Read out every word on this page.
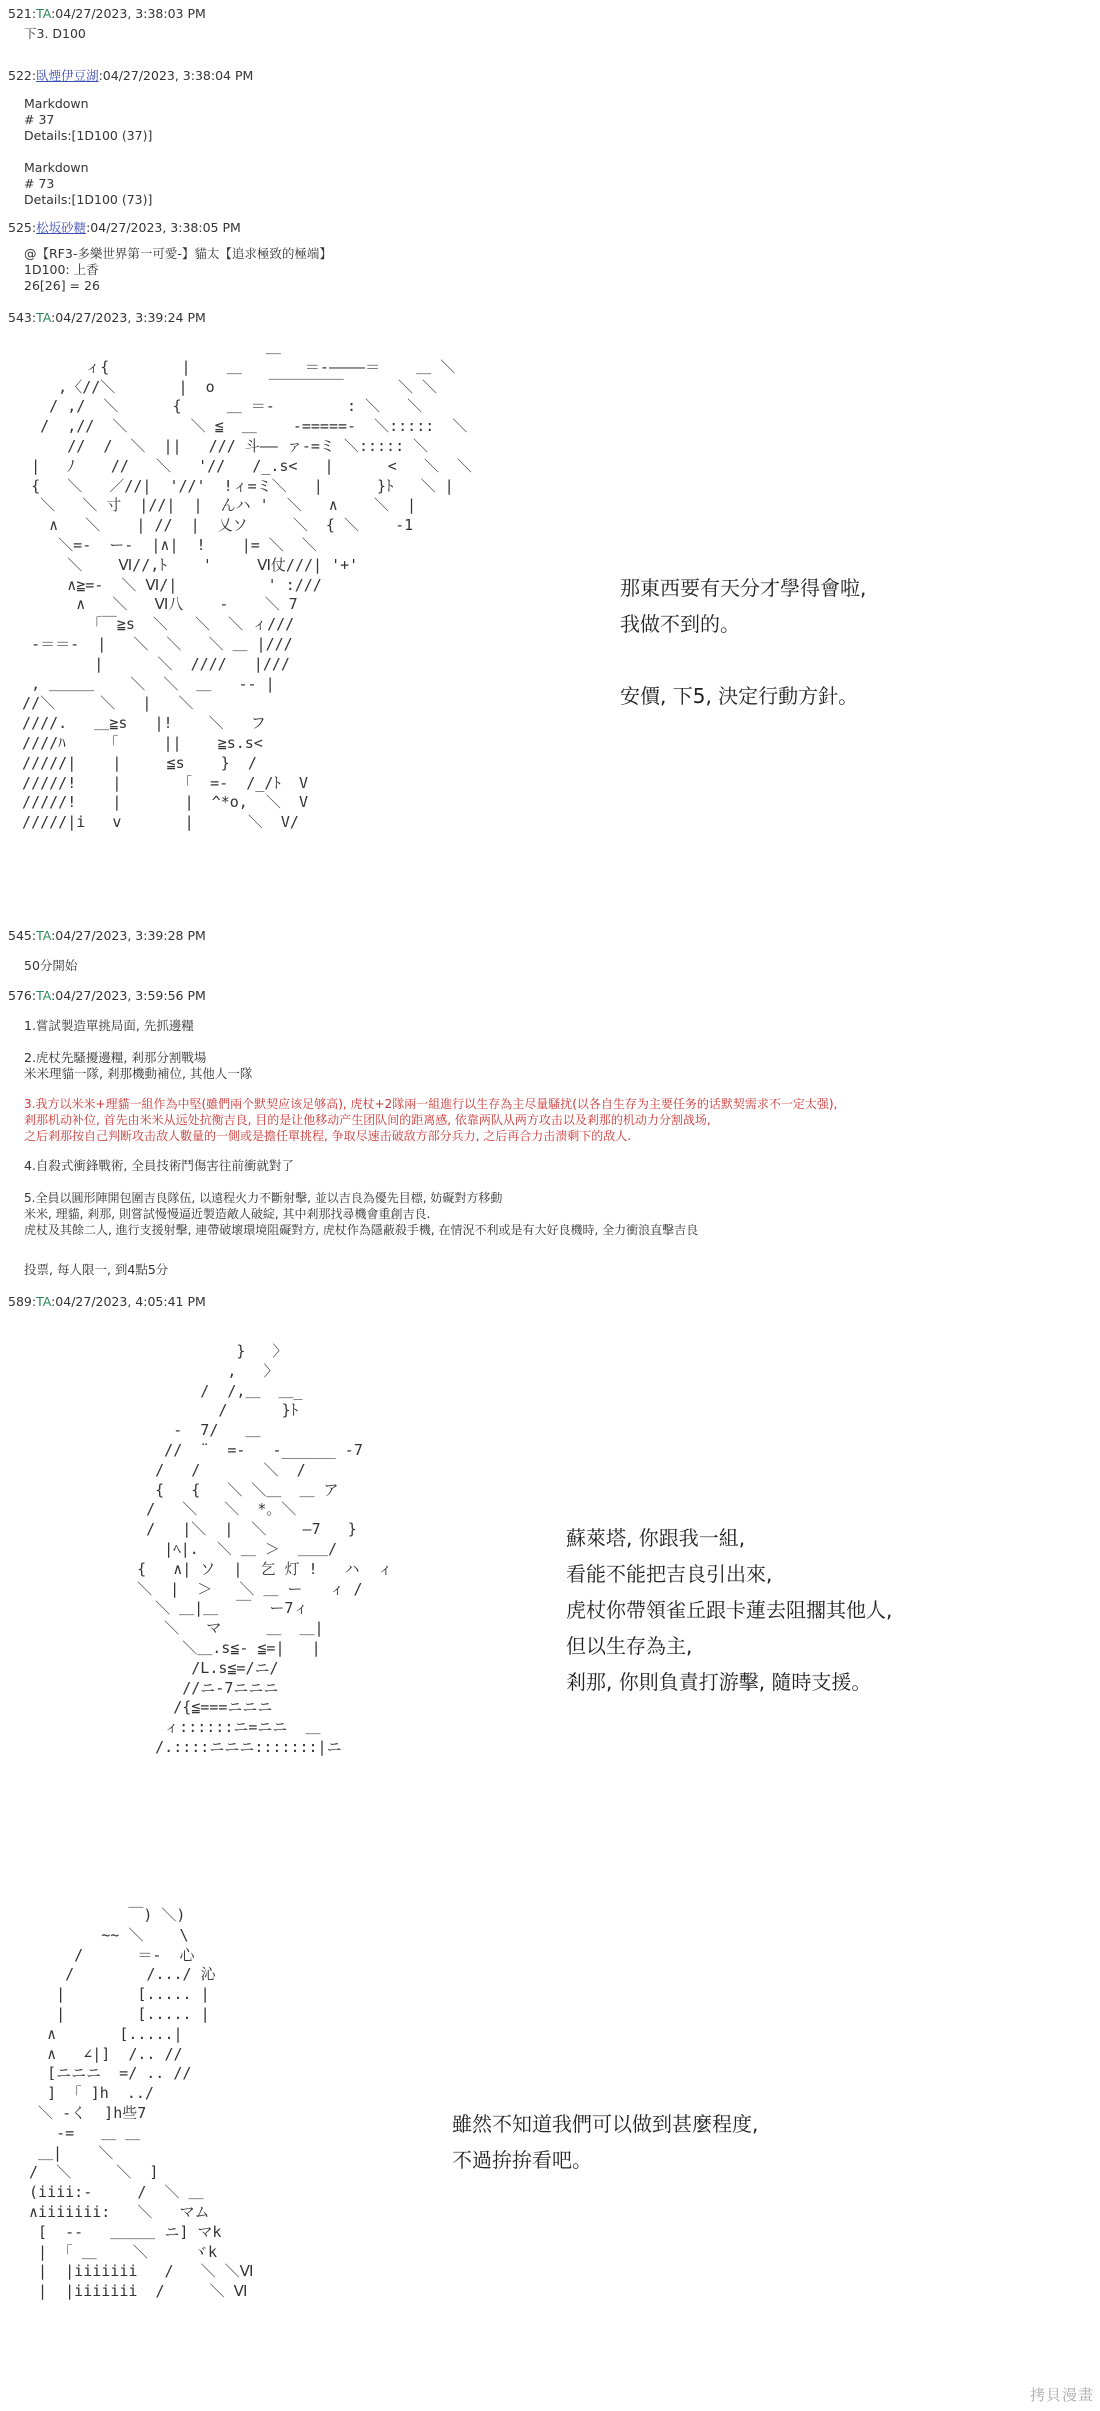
521:TA:04/27/2023, 3:38:03 PM
下3. D100
522:臥煙伊豆湖:04/27/2023, 3:38:04 PM
Markdown
# 37
Details:[1D100 (37)]

Markdown
# 73
Details:[1D100 (73)]
525:松坂砂糖:04/27/2023, 3:38:05 PM
@【RF3-多樂世界第一可愛-】貓太【追求極致的極端】
1D100: 上香
26[26] = 26
543:TA:04/27/2023, 3:39:24 PM
＿
ィ{        |    ＿       ＝-――――＝    ＿ ＼
,〈//＼       |  o      ￣￣￣￣￣      ＼ ＼
/ ,/  ＼      {     ＿ ＝-        : ＼   ＼
/  ,//  ＼       ＼ ≦  ＿    -=====-  ＼:::::  ＼
//  /  ＼  ||   /// 斗―― ァ-=ミ ＼::::: ＼
|   ﾉ    //   ＼   '//   /_.s<   |      <   ＼  ＼
{   ＼   ／//|  '//'  !ィ=ミ＼   |      }ﾄ   ＼ |
＼   ＼ 寸  |//|  |  んハ '  ＼   ∧    ＼  |
∧   ＼    | //  |  乂ソ     ＼  { ＼    -1
＼=-  ー-  |∧|  !    |= ＼  ＼
＼    Ⅵ//,ﾄ    '     Ⅵ仗///| '+'
∧≧=-  ＼ Ⅵ/|          ' :///
∧   ＼   Ⅵ八    -    ＼ 7
｢￣≧s  ＼   ＼  ＼ ィ///
-＝＝-  |   ＼  ＼   ＼ ＿ |///
|      ＼  ////   |///
, ＿＿＿    ＼  ＼  ＿   -- |
//＼     ＼   |   ＼
////.   ＿≧s   |!    ＼   フ
////ﾊ     ｢     ||    ≧s.s<
/////|    |     ≦s    }  /
/////!    |       ｢  =-  /_/ﾄ  V
/////!    |       |  ^*o,  ＼  V
/////|i   v       |      ＼  V/
那東西要有天分才學得會啦,
我做不到的。

安價, 下5, 決定行動方針。
545:TA:04/27/2023, 3:39:28 PM
50分開始
576:TA:04/27/2023, 3:59:56 PM
1.嘗試製造單挑局面, 先抓邊糧
2.虎杖先騷擾邊糧, 剎那分割戰場
米米理貓一隊, 剎那機動補位, 其他人一隊
3.我方以米米+理貓一組作為中堅(雖們兩个默契应该足够高), 虎杖+2隊兩一組進行以生存為主尽量騷扰(以各自生存为主要任务的话默契需求不一定太强),
剎那机动补位, 首先由米米从远处抗衡吉良, 目的是让他移动产生团队间的距离感, 依靠两队从两方攻击以及剎那的机动力分割战场,
之后剎那按自己判断攻击敌人數量的一側或是擔任單挑程, 争取尽速击破敌方部分兵力, 之后再合力击溃剩下的敌人.
4.自殺式衝鋒戰術, 全員技術鬥傷害往前衝就對了
5.全員以圓形陣開包圍吉良隊伍, 以遠程火力不斷射擊, 並以吉良為優先目標, 妨礙對方移動
米米, 理貓, 剎那, 則嘗試慢慢逼近製造敵人破綻, 其中剎那找尋機會重創吉良.
虎杖及其餘二人, 進行支援射擊, 連帶破壞環境阻礙對方, 虎杖作為隱蔽殺手機, 在情況不利或是有大好良機時, 全力衝浪直擊吉良
投票, 每人限一, 到4點5分
589:TA:04/27/2023, 4:05:41 PM
}   〉
,   〉
/  /,＿  ＿_
/      }ﾄ
-  7/   ＿
//  ¨  =-   -______ -7
/   /       ＼  /
{   {   ＼ ＼＿  ＿ ア
/   ＼   ＼  *。＼
/   |＼  |  ＼    ―7   }
|ﾍ|.  ＼ ＿ ＞  ＿＿/
{   ∧| ソ  |  乞 灯 !   ハ  ィ
＼  |  ＞   ＼ ＿ ー   ィ /
＼ ＿|＿  ￣  ー7ィ
＼   マ     ＿  ＿|
＼＿.s≦- ≦=|   |
/L.s≦=/ニ/
//ニ-7ニニニ
/{≦===ニニニ
ィ::::::ニ=ニニ  ＿
/.::::ニニニ:::::::|ニ
蘇萊塔, 你跟我一組,
看能不能把吉良引出來,
虎杖你帶領雀丘跟卡蓮去阻擱其他人,
但以生存為主,
剎那, 你則負責打游擊, 隨時支援。
￣) ＼)
~~ ＼    \
/      ＝-  心
/        /.../ 沁
|        [..... |
|        [..... |
∧       [.....|
∧   ∠|]  /.. //
[ニニニ  =/ .. //
]  ｢ ]h  ../
＼ -く  ]h些7
-=   ＿ ＿
＿|    ＼
/  ＼     ＼  ]
(iiii:-     /  ＼ ＿
∧iiiiiii:   ＼   マム
[  --   ＿＿＿ ニ] マk
|  ｢ ＿    ＼     ヾk
|  |iiiiiii   /   ＼ ＼Ⅵ
|  |iiiiiii  /     ＼ Ⅵ
雖然不知道我們可以做到甚麼程度,
不過拚拚看吧。
拷貝漫畫
